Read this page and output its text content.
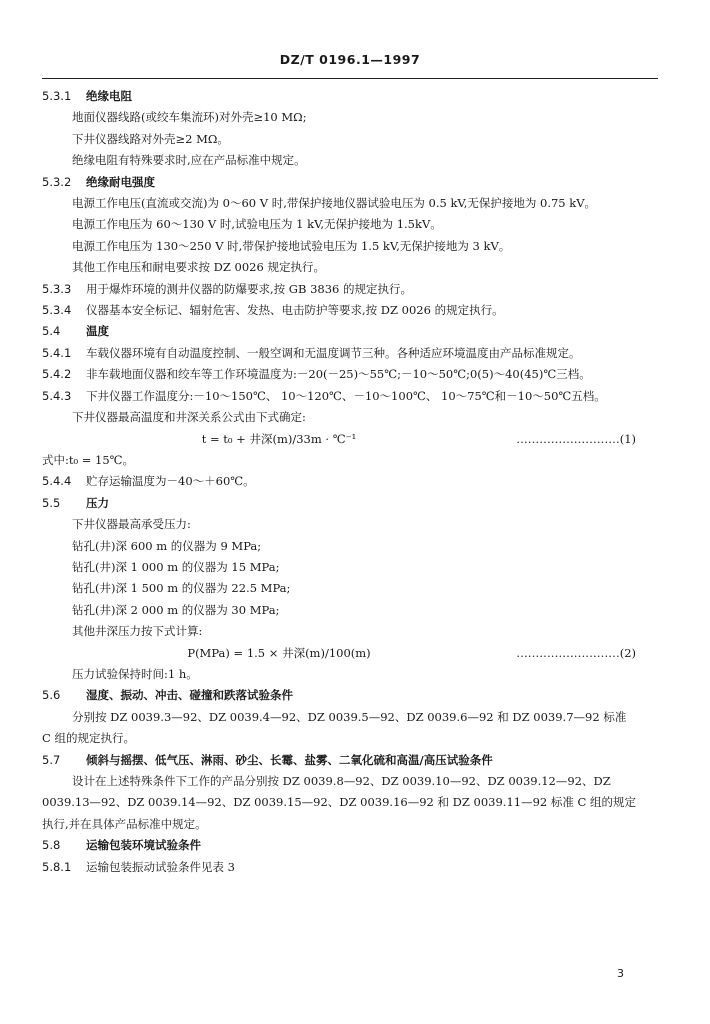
DZ/T 0196.1—1997

5.3.1 绝缘电阻

地面仪器线路(或绞车集流环)对外壳≥10 MΩ;

下井仪器线路对外壳≥2 MΩ。

绝缘电阻有特殊要求时,应在产品标准中规定。

5.3.2 绝缘耐电强度

电源工作电压(直流或交流)为 0～60 V 时,带保护接地仪器试验电压为 0.5 kV,无保护接地为 0.75 kV。

电源工作电压为 60～130 V 时,试验电压为 1 kV,无保护接地为 1.5kV。

电源工作电压为 130～250 V 时,带保护接地试验电压为 1.5 kV,无保护接地为 3 kV。

其他工作电压和耐电要求按 DZ 0026 规定执行。

5.3.3 用于爆炸环境的测井仪器的防爆要求,按 GB 3836 的规定执行。

5.3.4 仪器基本安全标记、辐射危害、发热、电击防护等要求,按 DZ 0026 的规定执行。

5.4 温度

5.4.1 车载仪器环境有自动温度控制、一般空调和无温度调节三种。各种适应环境温度由产品标准规定。

5.4.2 非车载地面仪器和绞车等工作环境温度为:－20(－25)～55℃;－10～50℃;0(5)～40(45)℃三档。

5.4.3 下井仪器工作温度分:－10～150℃、 10～120℃、－10～100℃、 10～75℃和－10～50℃五档。

下井仪器最高温度和井深关系公式由下式确定:

t = t₀ + 井深(m)/33m · ℃⁻¹	………………………(1)

式中:t₀ = 15℃。

5.4.4 贮存运输温度为－40～＋60℃。

5.5 压力

下井仪器最高承受压力:

钻孔(井)深 600 m 的仪器为 9 MPa;

钻孔(井)深 1 000 m 的仪器为 15 MPa;

钻孔(井)深 1 500 m 的仪器为 22.5 MPa;

钻孔(井)深 2 000 m 的仪器为 30 MPa;

其他井深压力按下式计算:

P(MPa) = 1.5 × 井深(m)/100(m)	………………………(2)

压力试验保持时间:1 h。

5.6 湿度、振动、冲击、碰撞和跌落试验条件

分别按 DZ 0039.3—92、DZ 0039.4—92、DZ 0039.5—92、DZ 0039.6—92 和 DZ 0039.7—92 标准 C 组的规定执行。

5.7 倾斜与摇摆、低气压、淋雨、砂尘、长霉、盐雾、二氧化硫和高温/高压试验条件

设计在上述特殊条件下工作的产品分别按 DZ 0039.8—92、DZ 0039.10—92、DZ 0039.12—92、DZ 0039.13—92、DZ 0039.14—92、DZ 0039.15—92、DZ 0039.16—92 和 DZ 0039.11—92 标准 C 组的规定执行,并在具体产品标准中规定。

5.8 运输包装环境试验条件

5.8.1 运输包装振动试验条件见表 3

3
